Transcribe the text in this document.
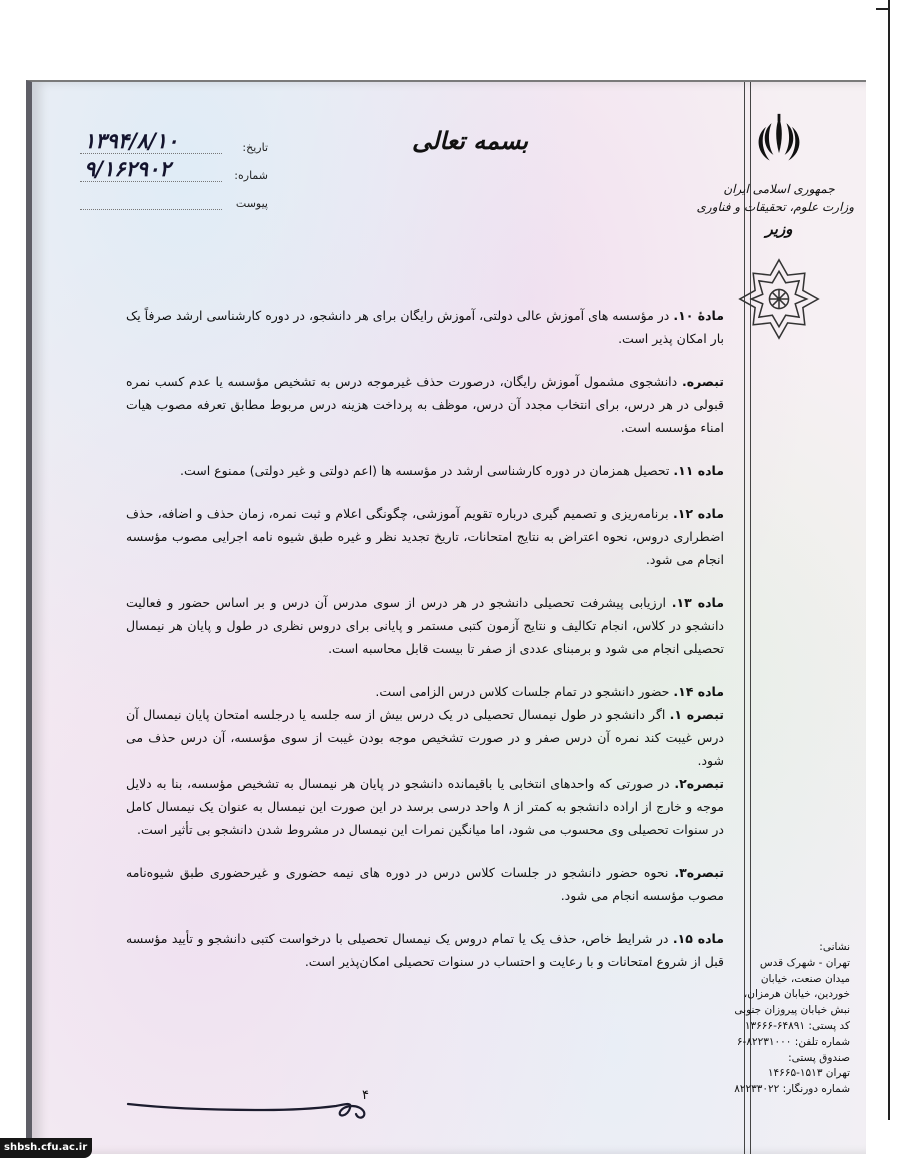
جمهوری اسلامی ایران
وزارت علوم، تحقیقات و فناوری
وزیر
بسمه تعالی
تاریخ:
۱۳۹۴/۸/۱۰
شماره:
۹/۱۶۲۹۰۲
پیوست

مادهٔ ۱۰. در مؤسسه های آموزش عالی دولتی، آموزش رایگان برای هر دانشجو، در دوره کارشناسی ارشد صرفاً یک بار امکان پذیر است.

تبصره. دانشجوی مشمول آموزش رایگان، درصورت حذف غیرموجه درس به تشخیص مؤسسه یا عدم کسب نمره قبولی در هر درس، برای انتخاب مجدد آن درس، موظف به پرداخت هزینه درس مربوط مطابق تعرفه مصوب هیات امناء مؤسسه است.

ماده ۱۱. تحصیل همزمان در دوره کارشناسی ارشد در مؤسسه ها (اعم دولتی و غیر دولتی) ممنوع است.

ماده ۱۲. برنامه‌ریزی و تصمیم گیری درباره تقویم آموزشی، چگونگی اعلام و ثبت نمره، زمان حذف و اضافه، حذف اضطراری دروس، نحوه اعتراض به نتایج امتحانات، تاریخ تجدید نظر و غیره طبق شیوه نامه اجرایی مصوب مؤسسه انجام می شود.

ماده ۱۳. ارزیابی پیشرفت تحصیلی دانشجو در هر درس از سوی مدرس آن درس و بر اساس حضور و فعالیت دانشجو در کلاس، انجام تکالیف و نتایج آزمون کتبی مستمر و پایانی برای دروس نظری در طول و پایان هر نیمسال تحصیلی انجام می شود و برمبنای عددی از صفر تا بیست قابل محاسبه است.

ماده ۱۴. حضور دانشجو در تمام جلسات کلاس درس الزامی است.

تبصره ۱. اگر دانشجو در طول نیمسال تحصیلی در یک درس بیش از سه جلسه یا درجلسه امتحان پایان نیمسال آن درس غیبت کند نمره آن درس صفر و در صورت تشخیص موجه بودن غیبت از سوی مؤسسه، آن درس حذف می شود.

تبصره۲. در صورتی که واحدهای انتخابی یا باقیمانده دانشجو در پایان هر نیمسال به تشخیص مؤسسه، بنا به دلایل موجه و خارج از اراده دانشجو به کمتر از ۸ واحد درسی برسد در این صورت این نیمسال به عنوان یک نیمسال کامل در سنوات تحصیلی وی محسوب می شود، اما میانگین نمرات این نیمسال در مشروط شدن دانشجو بی تأثیر است.

تبصره۳. نحوه حضور دانشجو در جلسات کلاس درس در دوره های نیمه حضوری و غیرحضوری طبق شیوه‌نامه مصوب مؤسسه انجام می شود.

ماده ۱۵. در شرایط خاص، حذف یک یا تمام دروس یک نیمسال تحصیلی با درخواست کتبی دانشجو و تأیید مؤسسه قبل از شروع امتحانات و با رعایت و احتساب در سنوات تحصیلی امکان‌پذیر است.

۴
نشانی:
تهران - شهرک قدس
میدان صنعت، خیابان
خوردین، خیابان هرمزان،
نبش خیابان پیروزان جنوبی
کد پستی: ۶۴۸۹۱-۱۳۶۶۶
شماره تلفن: ۸۲۲۳۱۰۰۰-۶
صندوق پستی:
تهران ۱۵۱۳-۱۴۶۶۵
شماره دورنگار: ۸۲۲۳۳۰۲۲
shbsh.cfu.ac.ir
